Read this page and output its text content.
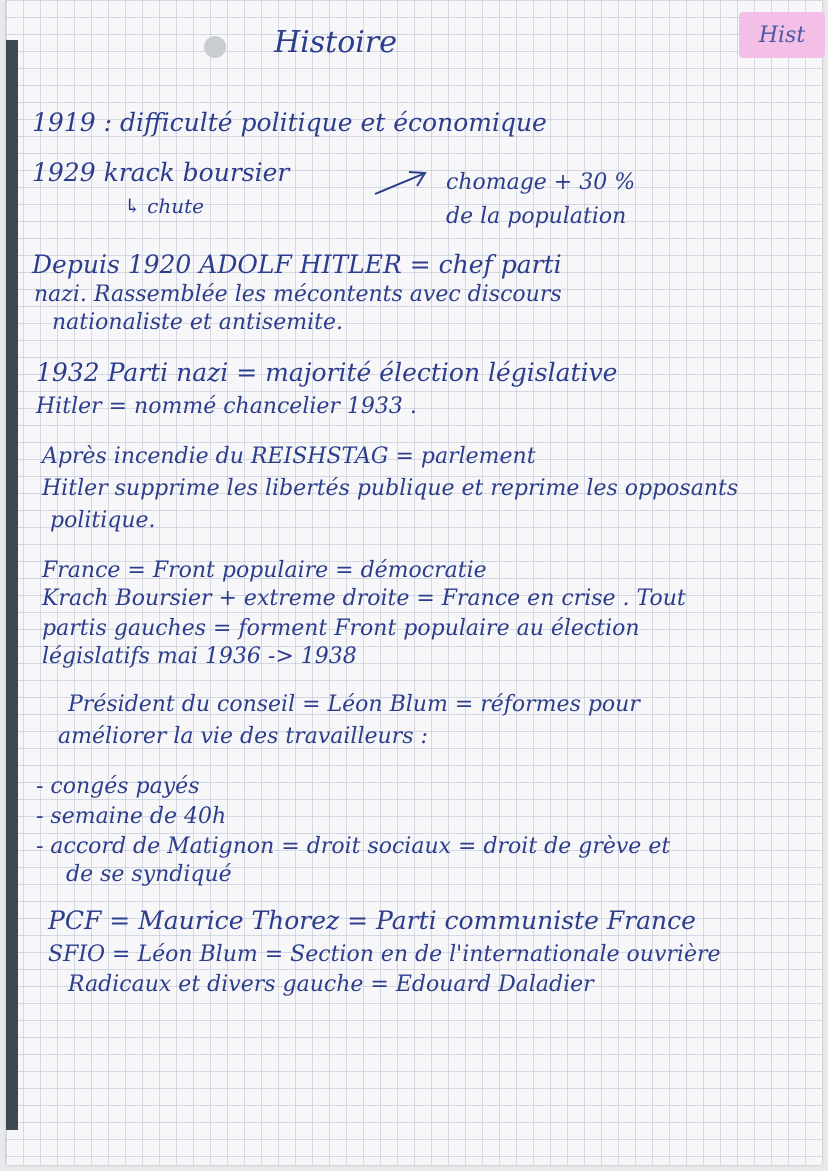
Hist
Histoire
1919 : difficulté politique et économique
1929 krack boursier
↳ chute
chomage + 30 %
de la population
Depuis 1920 ADOLF HITLER = chef parti
nazi. Rassemblée les mécontents avec discours
nationaliste et antisemite.
1932 Parti nazi = majorité élection législative
Hitler = nommé chancelier 1933 .
Après incendie du REISHSTAG = parlement
Hitler supprime les libertés publique et reprime les opposants
politique.
France = Front populaire = démocratie
Krach Boursier + extreme droite = France en crise . Tout
partis gauches = forment Front populaire au élection
législatifs mai 1936 -> 1938
Président du conseil = Léon Blum = réformes pour
améliorer la vie des travailleurs :
- congés payés
- semaine de 40h
- accord de Matignon = droit sociaux = droit de grève et
de se syndiqué
PCF = Maurice Thorez = Parti communiste France
SFIO = Léon Blum = Section en de l'internationale ouvrière
Radicaux et divers gauche = Edouard Daladier
